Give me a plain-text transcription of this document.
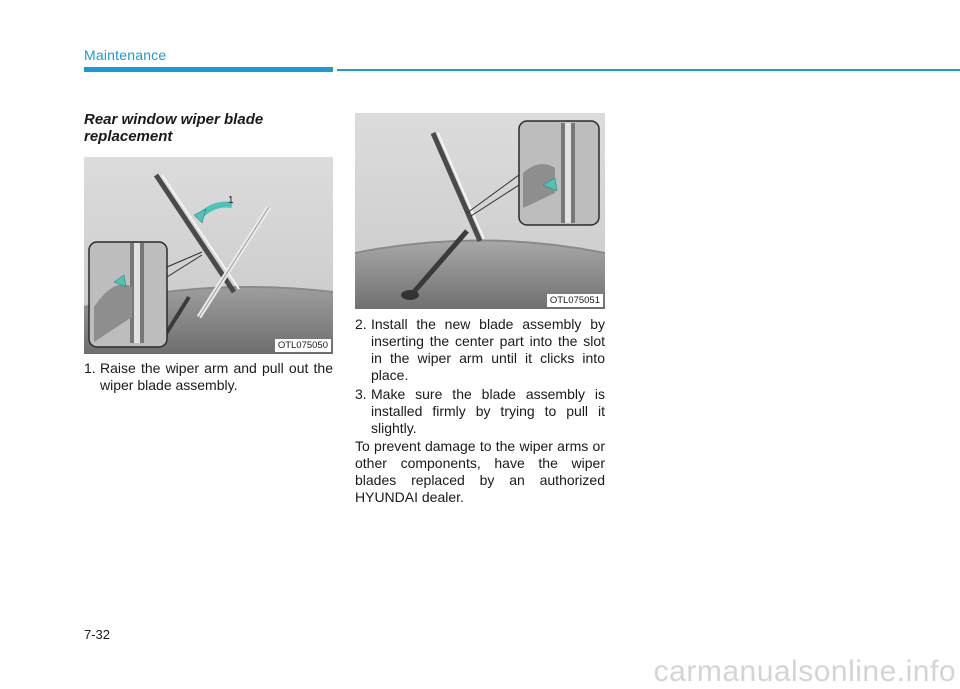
Maintenance
Rear window wiper blade replacement
1
OTL075050
OTL075051
1. Raise the wiper arm and pull out the wiper blade assembly.
2. Install the new blade assembly by inserting the center part into the slot in the wiper arm until it clicks into place.
3. Make sure the blade assembly is installed firmly by trying to pull it slightly.

To prevent damage to the wiper arms or other components, have the wiper blades replaced by an authorized HYUNDAI dealer.

7-32
carmanualsonline.info
